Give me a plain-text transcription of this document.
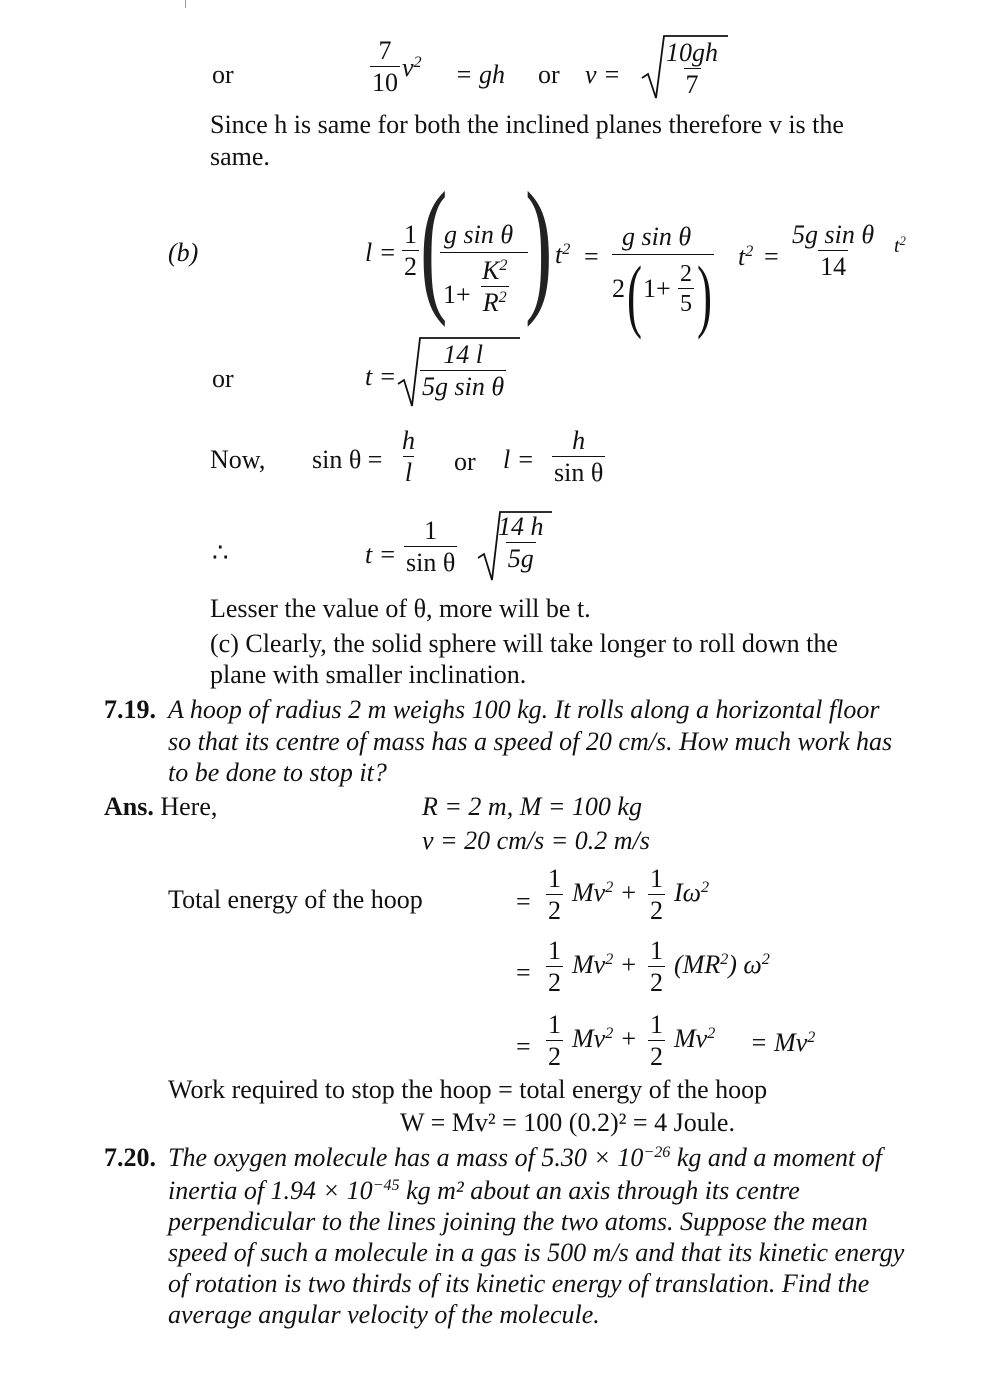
or	$\frac{7}{10} v^2$ = gh or $v = \frac{10gh}{7}$
Since h is same for both the inclined planes therefore v is the
same.
(b)	$l = \frac{1}{2}$ (
g sin θ
$1+ \frac{K^2}{R^2}$ ) $t^2$ =
g sin θ
2 ( $1+ \frac{2}{5}$ ) $t^2 = \frac{\text{5g sin θ}}{14} t^2$
or	$t = \frac{14 l}{\text{5g sin θ}}$
Now, $\sin \theta = \frac{h}{l}$ or $l = \frac{h}{\text{sin θ}}$
∴	$t = \frac{1}{\text{sin θ}} \frac{14 h}{5g}$
Lesser the value of θ, more will be t.
(c) Clearly, the solid sphere will take longer to roll down the
plane with smaller inclination.
7.19. A hoop of radius 2 m weighs 100 kg. It rolls along a horizontal floor
so that its centre of mass has a speed of 20 cm/s. How much work has
to be done to stop it?
Ans. Here,	R = 2 m, M = 100 kg
v = 20 cm/s = 0.2 m/s
Total energy of the hoop	= $\frac{1}{2} Mv^2 + \frac{1}{2} I\omega^2$
= $\frac{1}{2} Mv^2 + \frac{1}{2} (MR^2)$ $\omega^2$
= $\frac{1}{2} Mv^2 + \frac{1}{2} Mv^2 = Mv^2$
Work required to stop the hoop = total energy of the hoop
W = Mv² = 100 (0.2)² = 4 Joule.
7.20. The oxygen molecule has a mass of $5.30 \times 10^{-26}$ kg and a moment of
inertia of $1.94 \times 10^{-45}$ kg m² about an axis through its centre
perpendicular to the lines joining the two atoms. Suppose the mean
speed of such a molecule in a gas is 500 m/s and that its kinetic energy
of rotation is two thirds of its kinetic energy of translation. Find the
average angular velocity of the molecule.
